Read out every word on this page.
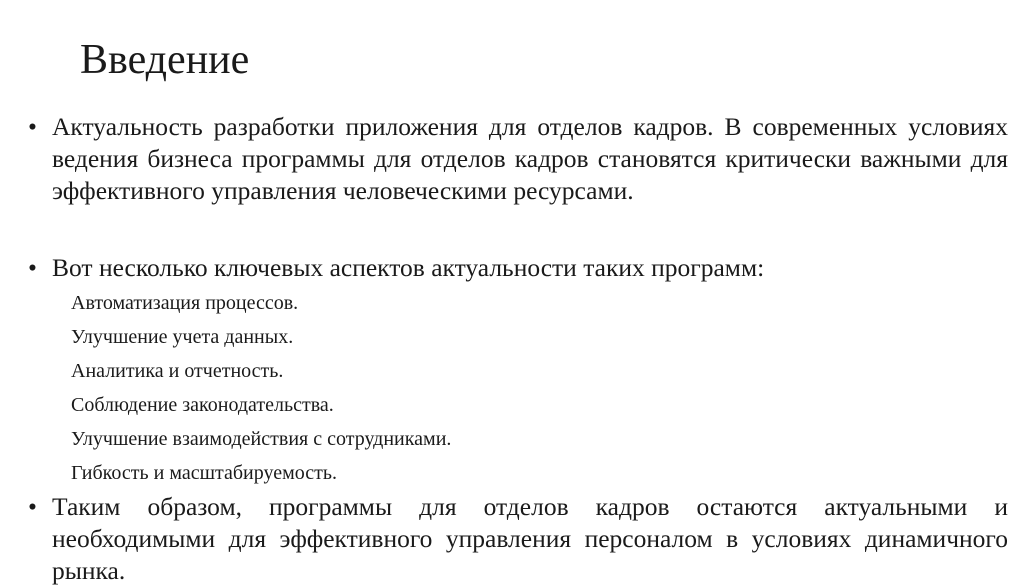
Введение
• Актуальность разработки приложения для отделов кадров. В современных условиях ведения бизнеса программы для отделов кадров становятся критически важными для эффективного управления человеческими ресурсами.
• Вот несколько ключевых аспектов актуальности таких программ:
Автоматизация процессов.
Улучшение учета данных.
Аналитика и отчетность.
Соблюдение законодательства.
Улучшение взаимодействия с сотрудниками.
Гибкость и масштабируемость.
• Таким образом, программы для отделов кадров остаются актуальными и необходимыми для эффективного управления персоналом в условиях динамичного рынка.
